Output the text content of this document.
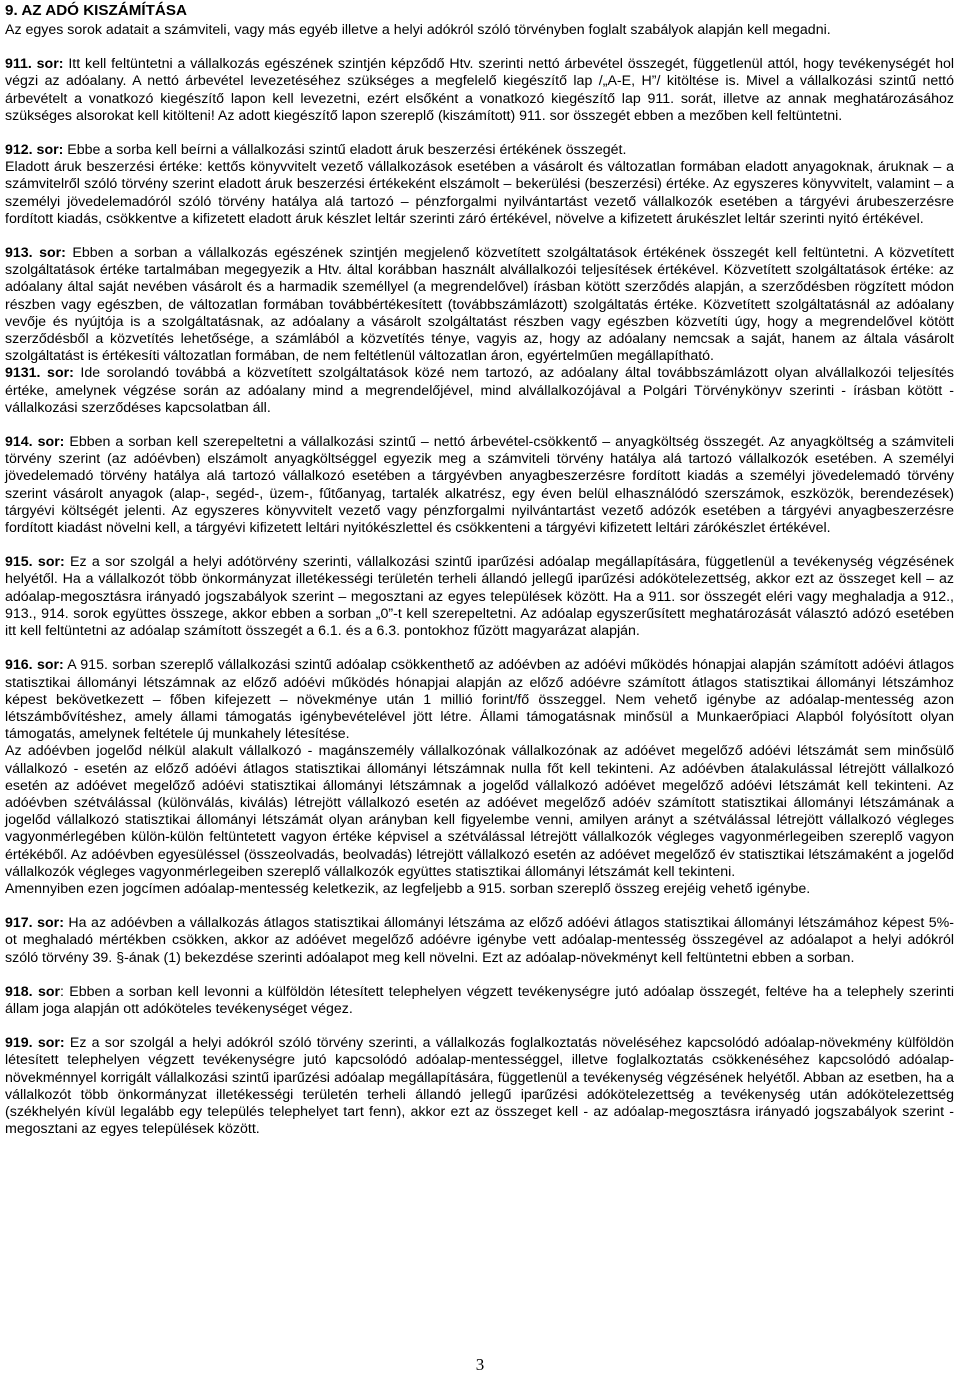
9. AZ ADÓ KISZÁMÍTÁSA

Az egyes sorok adatait a számviteli, vagy más egyéb illetve a helyi adókról szóló törvényben foglalt szabályok alapján kell megadni.

911. sor: Itt kell feltüntetni a vállalkozás egészének szintjén képződő Htv. szerinti nettó árbevétel összegét, függetlenül attól, hogy tevékenységét hol végzi az adóalany. A nettó árbevétel levezetéséhez szükséges a megfelelő kiegészítő lap /„A-E, H”/ kitöltése is. Mivel a vállalkozási szintű nettó árbevételt a vonatkozó kiegészítő lapon kell levezetni, ezért elsőként a vonatkozó kiegészítő lap 911. sorát, illetve az annak meghatározásához szükséges alsorokat kell kitölteni! Az adott kiegészítő lapon szereplő (kiszámított) 911. sor összegét ebben a mezőben kell feltüntetni.

912. sor: Ebbe a sorba kell beírni a vállalkozási szintű eladott áruk beszerzési értékének összegét.

Eladott áruk beszerzési értéke: kettős könyvvitelt vezető vállalkozások esetében a vásárolt és változatlan formában eladott anyagoknak, áruknak – a számvitelről szóló törvény szerint eladott áruk beszerzési értékeként elszámolt – bekerülési (beszerzési) értéke. Az egyszeres könyvvitelt, valamint – a személyi jövedelemadóról szóló törvény hatálya alá tartozó – pénzforgalmi nyilvántartást vezető vállalkozók esetében a tárgyévi árubeszerzésre fordított kiadás, csökkentve a kifizetett eladott áruk készlet leltár szerinti záró értékével, növelve a kifizetett árukészlet leltár szerinti nyitó értékével.

913. sor: Ebben a sorban a vállalkozás egészének szintjén megjelenő közvetített szolgáltatások értékének összegét kell feltüntetni. A közvetített szolgáltatások értéke tartalmában megegyezik a Htv. által korábban használt alvállalkozói teljesítések értékével. Közvetített szolgáltatások értéke: az adóalany által saját nevében vásárolt és a harmadik személlyel (a megrendelővel) írásban kötött szerződés alapján, a szerződésben rögzített módon részben vagy egészben, de változatlan formában továbbértékesített (továbbszámlázott) szolgáltatás értéke. Közvetített szolgáltatásnál az adóalany vevője és nyújtója is a szolgáltatásnak, az adóalany a vásárolt szolgáltatást részben vagy egészben közvetíti úgy, hogy a megrendelővel kötött szerződésből a közvetítés lehetősége, a számlából a közvetítés ténye, vagyis az, hogy az adóalany nemcsak a saját, hanem az általa vásárolt szolgáltatást is értékesíti változatlan formában, de nem feltétlenül változatlan áron, egyértelműen megállapítható.

9131. sor: Ide sorolandó továbbá a közvetített szolgáltatások közé nem tartozó, az adóalany által továbbszámlázott olyan alvállalkozói teljesítés értéke, amelynek végzése során az adóalany mind a megrendelőjével, mind alvállalkozójával a Polgári Törvénykönyv szerinti - írásban kötött - vállalkozási szerződéses kapcsolatban áll.

914. sor: Ebben a sorban kell szerepeltetni a vállalkozási szintű – nettó árbevétel-csökkentő – anyagköltség összegét. Az anyagköltség a számviteli törvény szerint (az adóévben) elszámolt anyagköltséggel egyezik meg a számviteli törvény hatálya alá tartozó vállalkozók esetében. A személyi jövedelemadó törvény hatálya alá tartozó vállalkozó esetében a tárgyévben anyagbeszerzésre fordított kiadás a személyi jövedelemadó törvény szerint vásárolt anyagok (alap-, segéd-, üzem-, fűtőanyag, tartalék alkatrész, egy éven belül elhasználódó szerszámok, eszközök, berendezések) tárgyévi költségét jelenti. Az egyszeres könyvvitelt vezető vagy pénzforgalmi nyilvántartást vezető adózók esetében a tárgyévi anyagbeszerzésre fordított kiadást növelni kell, a tárgyévi kifizetett leltári nyitókészlettel és csökkenteni a tárgyévi kifizetett leltári zárókészlet értékével.

915. sor: Ez a sor szolgál a helyi adótörvény szerinti, vállalkozási szintű iparűzési adóalap megállapítására, függetlenül a tevékenység végzésének helyétől. Ha a vállalkozót több önkormányzat illetékességi területén terheli állandó jellegű iparűzési adókötelezettség, akkor ezt az összeget kell – az adóalap-megosztásra irányadó jogszabályok szerint – megosztani az egyes települések között. Ha a 911. sor összegét eléri vagy meghaladja a 912., 913., 914. sorok együttes összege, akkor ebben a sorban „0”-t kell szerepeltetni. Az adóalap egyszerűsített meghatározását választó adózó esetében itt kell feltüntetni az adóalap számított összegét a 6.1. és a 6.3. pontokhoz fűzött magyarázat alapján.

916. sor: A 915. sorban szereplő vállalkozási szintű adóalap csökkenthető az adóévben az adóévi működés hónapjai alapján számított adóévi átlagos statisztikai állományi létszámnak az előző adóévi működés hónapjai alapján az előző adóévre számított átlagos statisztikai állományi létszámhoz képest bekövetkezett – főben kifejezett – növekménye után 1 millió forint/fő összeggel. Nem vehető igénybe az adóalap-mentesség azon létszámbővítéshez, amely állami támogatás igénybevételével jött létre. Állami támogatásnak minősül a Munkaerőpiaci Alapból folyósított olyan támogatás, amelynek feltétele új munkahely létesítése.

Az adóévben jogelőd nélkül alakult vállalkozó - magánszemély vállalkozónak vállalkozónak az adóévet megelőző adóévi létszámát sem minősülő vállalkozó - esetén az előző adóévi átlagos statisztikai állományi létszámnak nulla főt kell tekinteni. Az adóévben átalakulással létrejött vállalkozó esetén az adóévet megelőző adóévi statisztikai állományi létszámnak a jogelőd vállalkozó adóévet megelőző adóévi létszámát kell tekinteni. Az adóévben szétválással (különválás, kiválás) létrejött vállalkozó esetén az adóévet megelőző adóév számított statisztikai állományi létszámának a jogelőd vállalkozó statisztikai állományi létszámát olyan arányban kell figyelembe venni, amilyen arányt a szétválással létrejött vállalkozó végleges vagyonmérlegében külön-külön feltüntetett vagyon értéke képvisel a szétválással létrejött vállalkozók végleges vagyonmérlegeiben szereplő vagyon értékéből. Az adóévben egyesüléssel (összeolvadás, beolvadás) létrejött vállalkozó esetén az adóévet megelőző év statisztikai létszámaként a jogelőd vállalkozók végleges vagyonmérlegeiben szereplő vállalkozók együttes statisztikai állományi létszámát kell tekinteni.

Amennyiben ezen jogcímen adóalap-mentesség keletkezik, az legfeljebb a 915. sorban szereplő összeg erejéig vehető igénybe.

917. sor: Ha az adóévben a vállalkozás átlagos statisztikai állományi létszáma az előző adóévi átlagos statisztikai állományi létszámához képest 5%-ot meghaladó mértékben csökken, akkor az adóévet megelőző adóévre igénybe vett adóalap-mentesség összegével az adóalapot a helyi adókról szóló törvény 39. §-ának (1) bekezdése szerinti adóalapot meg kell növelni. Ezt az adóalap-növekményt kell feltüntetni ebben a sorban.

918. sor: Ebben a sorban kell levonni a külföldön létesített telephelyen végzett tevékenységre jutó adóalap összegét, feltéve ha a telephely szerinti állam joga alapján ott adóköteles tevékenységet végez.

919. sor: Ez a sor szolgál a helyi adókról szóló törvény szerinti, a vállalkozás foglalkoztatás növeléséhez kapcsolódó adóalap-növekmény külföldön létesített telephelyen végzett tevékenységre jutó kapcsolódó adóalap-mentességgel, illetve foglalkoztatás csökkenéséhez kapcsolódó adóalap-növekménnyel korrigált vállalkozási szintű iparűzési adóalap megállapítására, függetlenül a tevékenység végzésének helyétől. Abban az esetben, ha a vállalkozót több önkormányzat illetékességi területén terheli állandó jellegű iparűzési adókötelezettség a tevékenység után adókötelezettség (székhelyén kívül legalább egy település telephelyet tart fenn), akkor ezt az összeget kell - az adóalap-megosztásra irányadó jogszabályok szerint - megosztani az egyes települések között.

3
